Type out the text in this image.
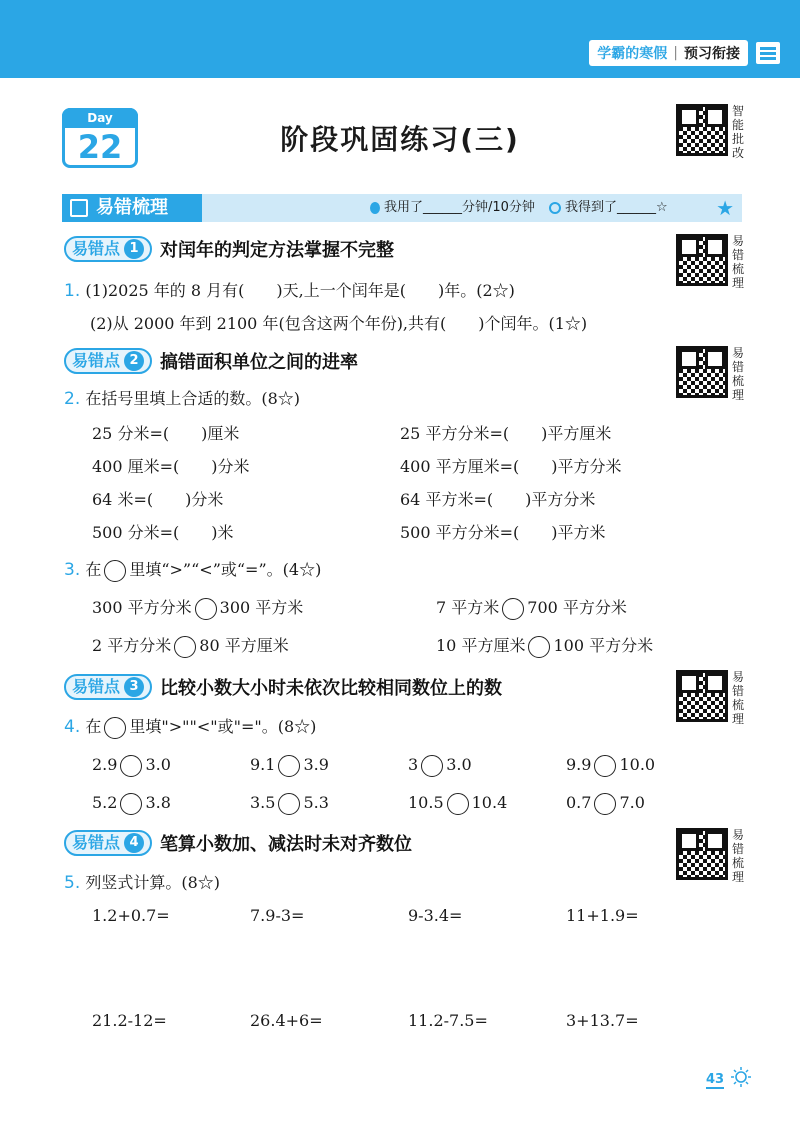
学霸的寒假 | 预习衔接
Day
22	阶段巩固练习(三)
智能批改
易错梳理	我用了______分钟/10分钟 我得到了______☆ ★
易错点 1	对闰年的判定方法掌握不完整	易错梳理
1. (1)2025 年的 8 月有(　　)天,上一个闰年是(　　)年。(2☆)
(2)从 2000 年到 2100 年(包含这两个年份),共有(　　)个闰年。(1☆)
易错点 2	搞错面积单位之间的进率	易错梳理
2. 在括号里填上合适的数。(8☆)
25 分米=(　　)厘米	25 平方分米=(　　)平方厘米
400 厘米=(　　)分米	400 平方厘米=(　　)平方分米
64 米=(　　)分米	64 平方米=(　　)平方分米
500 分米=(　　)米	500 平方分米=(　　)平方米
3. 在 里填“>”“<”或“=”。(4☆)
300 平方分米 300 平方米	7 平方米 700 平方分米
2 平方分米 80 平方厘米	10 平方厘米 100 平方分米
易错点 3	比较小数大小时未依次比较相同数位上的数
易错梳理
4. 在 里填">""<"或"="。(8☆)
2.9 3.0	9.1 3.9	3 3.0	9.9 10.0
5.2 3.8	3.5 5.3	10.5 10.4	0.7 7.0
易错点 4	笔算小数加、减法时未对齐数位	易错梳理
5. 列竖式计算。(8☆)
1.2+0.7=	7.9-3=	9-3.4=	11+1.9=
21.2-12=	26.4+6=	11.2-7.5=	3+13.7=
43
